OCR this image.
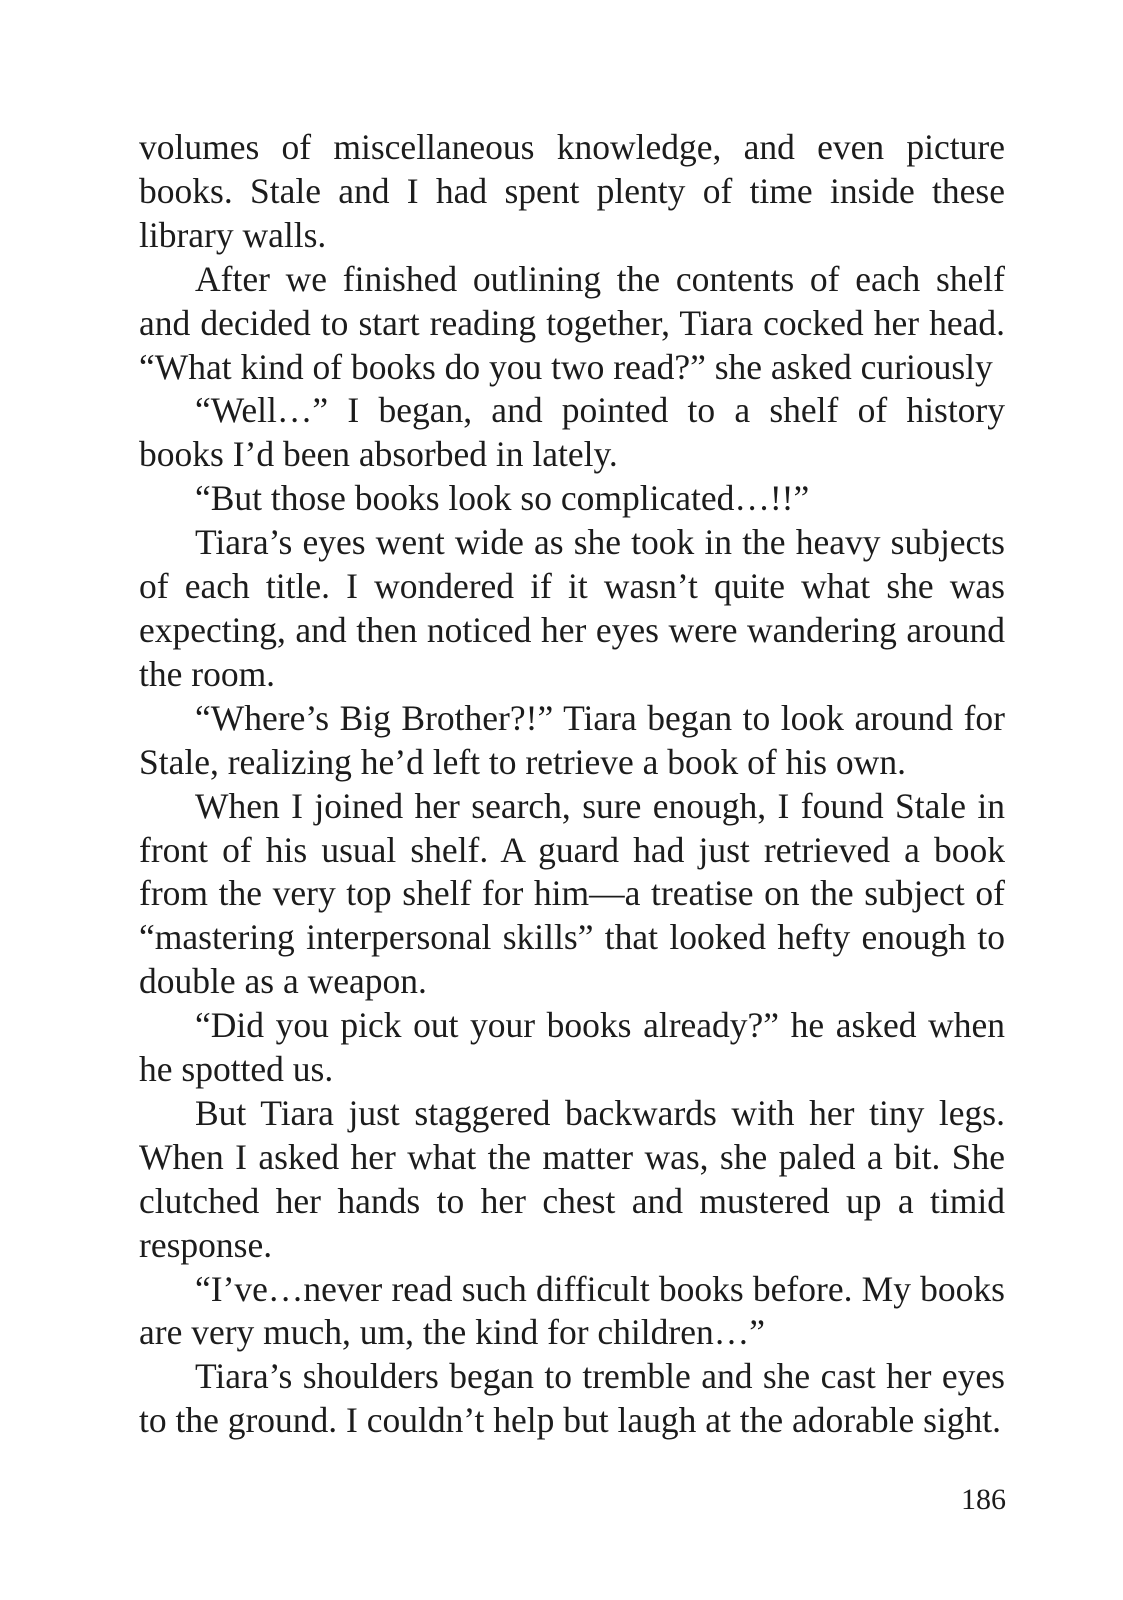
volumes of miscellaneous knowledge, and even picture books. Stale and I had spent plenty of time inside these library walls.

After we finished outlining the contents of each shelf and decided to start reading together, Tiara cocked her head. “What kind of books do you two read?” she asked curiously

“Well…” I began, and pointed to a shelf of history books I’d been absorbed in lately.

“But those books look so complicated…!!”

Tiara’s eyes went wide as she took in the heavy subjects of each title. I wondered if it wasn’t quite what she was expecting, and then noticed her eyes were wandering around the room.

“Where’s Big Brother?!” Tiara began to look around for Stale, realizing he’d left to retrieve a book of his own.

When I joined her search, sure enough, I found Stale in front of his usual shelf. A guard had just retrieved a book from the very top shelf for him—a treatise on the subject of “mastering interpersonal skills” that looked hefty enough to double as a weapon.

“Did you pick out your books already?” he asked when he spotted us.

But Tiara just staggered backwards with her tiny legs. When I asked her what the matter was, she paled a bit. She clutched her hands to her chest and mustered up a timid response.

“I’ve…never read such difficult books before. My books are very much, um, the kind for children…”

Tiara’s shoulders began to tremble and she cast her eyes to the ground. I couldn’t help but laugh at the adorable sight.

186
